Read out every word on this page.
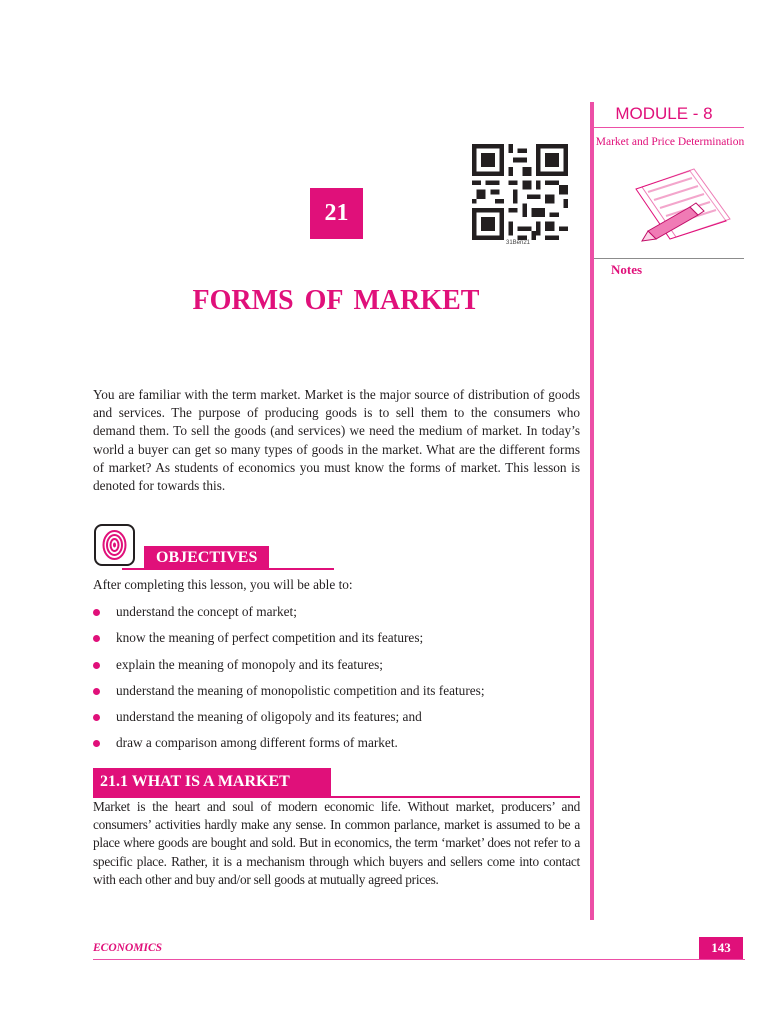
MODULE - 8
Market and Price Determination
Notes
31Ben21
21
FORMS OF MARKET
You are familiar with the term market. Market is the major source of distribution of goods and services. The purpose of producing goods is to sell them to the consumers who demand them. To sell the goods (and services) we need the medium of market. In today’s world a buyer can get so many types of goods in the market. What are the different forms of market? As students of economics you must know the forms of market. This lesson is denoted for towards this.
OBJECTIVES
After completing this lesson, you will be able to:
understand the concept of market;
know the meaning of perfect competition and its features;
explain the meaning of monopoly and its features;
understand the meaning of monopolistic competition and its features;
understand the meaning of oligopoly and its features; and
draw a comparison among different forms of market.
21.1 WHAT IS A MARKET
Market is the heart and soul of modern economic life. Without market, producers’ and consumers’ activities hardly make any sense. In common parlance, market is assumed to be a place where goods are bought and sold. But in economics, the term ‘market’ does not refer to a specific place. Rather, it is a mechanism through which buyers and sellers come into contact with each other and buy and/or sell goods at mutually agreed prices.
ECONOMICS	143
